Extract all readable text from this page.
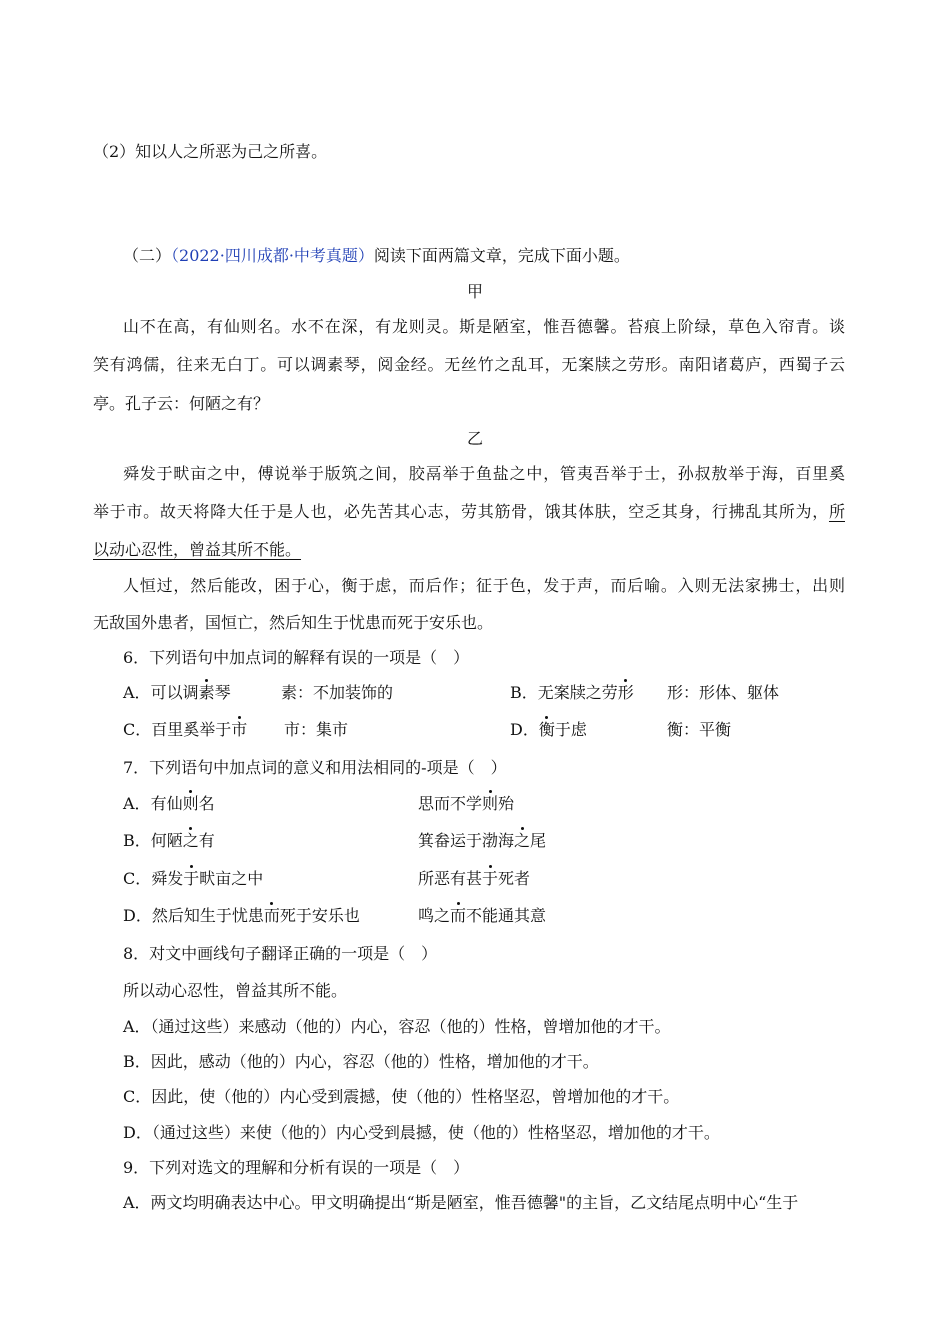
（2）知以人之所恶为己之所喜。
（二）（2022·四川成都·中考真题）阅读下面两篇文章，完成下面小题。
甲
山不在高，有仙则名。水不在深，有龙则灵。斯是陋室，惟吾德馨。苔痕上阶绿，草色入帘青。谈
笑有鸿儒，往来无白丁。可以调素琴，阅金经。无丝竹之乱耳，无案牍之劳形。南阳诸葛庐，西蜀子云
亭。孔子云：何陋之有？
乙
舜发于畎亩之中，傅说举于版筑之间，胶鬲举于鱼盐之中，管夷吾举于士，孙叔敖举于海，百里奚
举于市。故天将降大任于是人也，必先苦其心志，劳其筋骨，饿其体肤，空乏其身，行拂乱其所为，所
以动心忍性，曾益其所不能。
人恒过，然后能改，困于心，衡于虑，而后作；征于色，发于声，而后喻。入则无法家拂士，出则
无敌国外患者，国恒亡，然后知生于忧患而死于安乐也。
6．下列语句中加点词的解释有误的一项是（　）
A．可以调素琴	素：不加装饰的	B．无案牍之劳形 形：形体、躯体
C．百里奚举于市 市：集市	D．衡于虑	衡：平衡
7．下列语句中加点词的意义和用法相同的-项是（　）
A．有仙则名	思而不学则殆
B．何陋之有	箕畚运于渤海之尾
C．舜发于畎亩之中	所恶有甚于死者
D．然后知生于忧患而死于安乐也	鸣之而不能通其意
8．对文中画线句子翻译正确的一项是（　）
所以动心忍性，曾益其所不能。
A．（通过这些）来感动（他的）内心，容忍（他的）性格，曾增加他的才干。
B．因此，感动（他的）内心，容忍（他的）性格，增加他的才干。
C．因此，使（他的）内心受到震撼，使（他的）性格坚忍，曾增加他的才干。
D．（通过这些）来使（他的）内心受到晨撼，使（他的）性格坚忍，增加他的才干。
9．下列对选文的理解和分析有误的一项是（　）
A．两文均明确表达中心。甲文明确提出“斯是陋室，惟吾德馨"的主旨，乙文结尾点明中心“生于
